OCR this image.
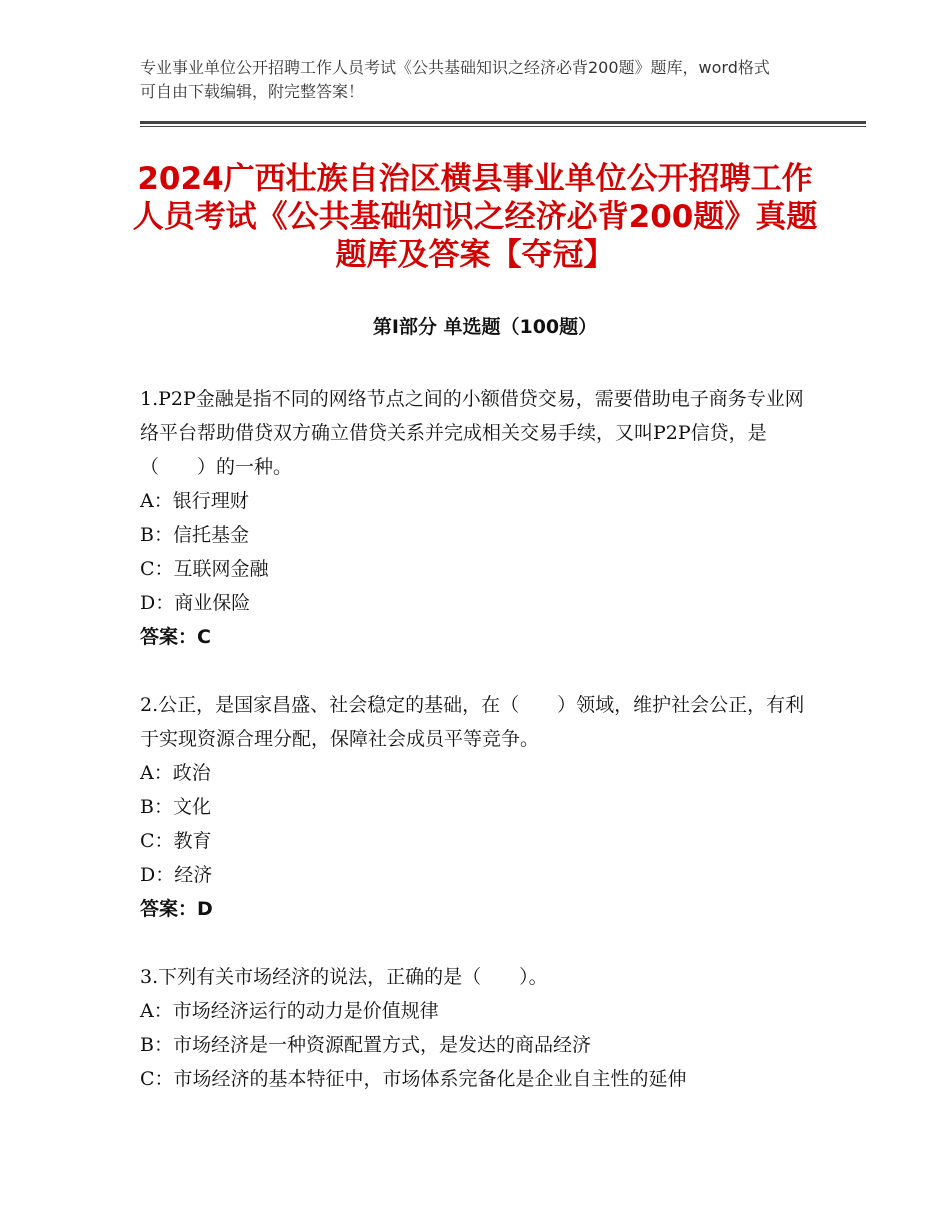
专业事业单位公开招聘工作人员考试《公共基础知识之经济必背200题》题库，word格式可自由下载编辑，附完整答案！
2024广西壮族自治区横县事业单位公开招聘工作人员考试《公共基础知识之经济必背200题》真题题库及答案【夺冠】
第Ⅰ部分 单选题（100题）

1.P2P金融是指不同的网络节点之间的小额借贷交易，需要借助电子商务专业网络平台帮助借贷双方确立借贷关系并完成相关交易手续，又叫P2P信贷，是（　　）的一种。

A：银行理财

B：信托基金

C：互联网金融

D：商业保险

答案：C

2.公正，是国家昌盛、社会稳定的基础，在（　　）领域，维护社会公正，有利于实现资源合理分配，保障社会成员平等竞争。

A：政治

B：文化

C：教育

D：经济

答案：D

3.下列有关市场经济的说法，正确的是（　　）。

A：市场经济运行的动力是价值规律

B：市场经济是一种资源配置方式，是发达的商品经济

C：市场经济的基本特征中，市场体系完备化是企业自主性的延伸
